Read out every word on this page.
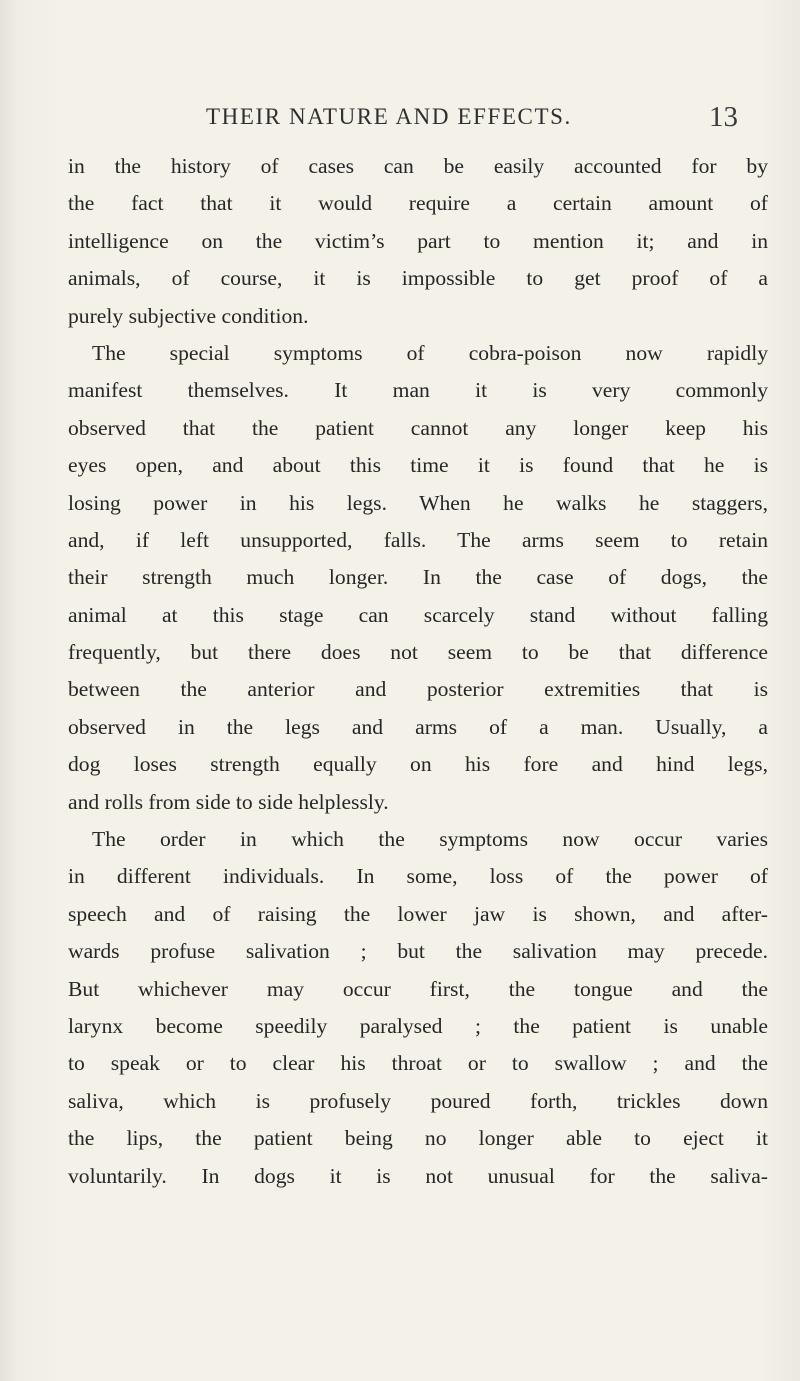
THEIR NATURE AND EFFECTS.	13
in the history of cases can be easily accounted for by
the fact that it would require a certain amount of
intelligence on the victim’s part to mention it; and in
animals, of course, it is impossible to get proof of a
purely subjective condition.
The special symptoms of cobra-poison now rapidly
manifest themselves. It man it is very commonly
observed that the patient cannot any longer keep his
eyes open, and about this time it is found that he is
losing power in his legs. When he walks he staggers,
and, if left unsupported, falls. The arms seem to retain
their strength much longer. In the case of dogs, the
animal at this stage can scarcely stand without falling
frequently, but there does not seem to be that difference
between the anterior and posterior extremities that is
observed in the legs and arms of a man. Usually, a
dog loses strength equally on his fore and hind legs,
and rolls from side to side helplessly.
The order in which the symptoms now occur varies
in different individuals. In some, loss of the power of
speech and of raising the lower jaw is shown, and after-
wards profuse salivation ; but the salivation may precede.
But whichever may occur first, the tongue and the
larynx become speedily paralysed ; the patient is unable
to speak or to clear his throat or to swallow ; and the
saliva, which is profusely poured forth, trickles down
the lips, the patient being no longer able to eject it
voluntarily. In dogs it is not unusual for the saliva-
